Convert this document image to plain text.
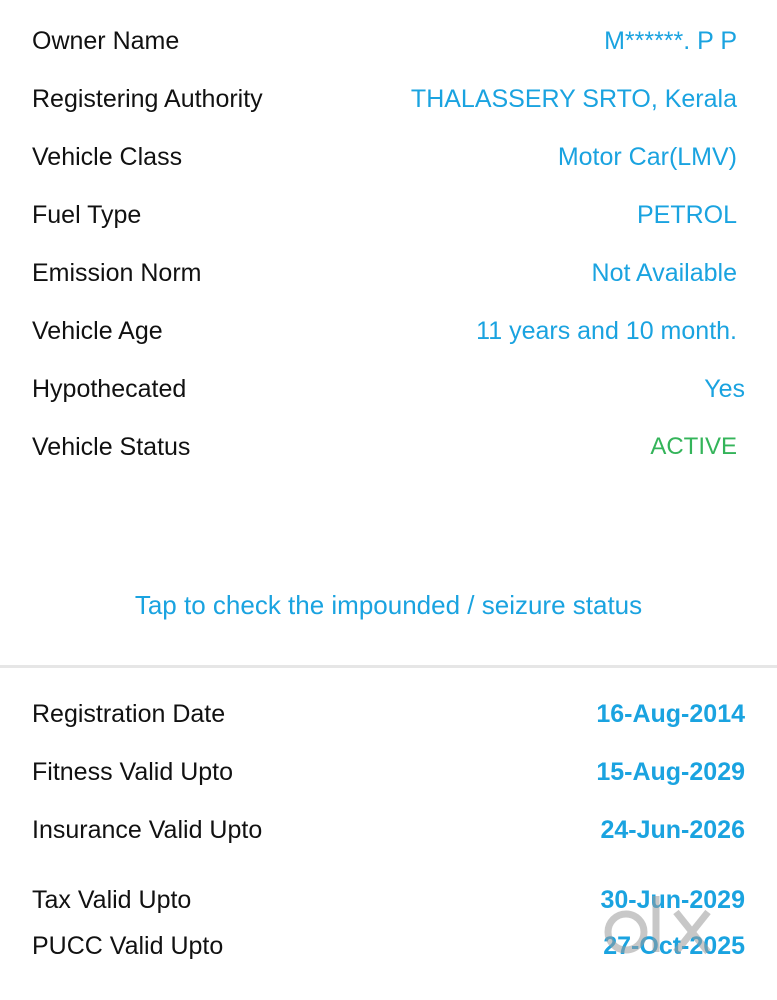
Owner Name	M******. P P
Registering Authority	THALASSERY SRTO, Kerala
Vehicle Class	Motor Car(LMV)
Fuel Type	PETROL
Emission Norm	Not Available
Vehicle Age	11 years and 10 month.
Hypothecated	Yes
Vehicle Status	ACTIVE
Tap to check the impounded / seizure status
Registration Date	16-Aug-2014
Fitness Valid Upto	15-Aug-2029
Insurance Valid Upto	24-Jun-2026
Tax Valid Upto	30-Jun-2029
PUCC Valid Upto	27-Oct-2025
